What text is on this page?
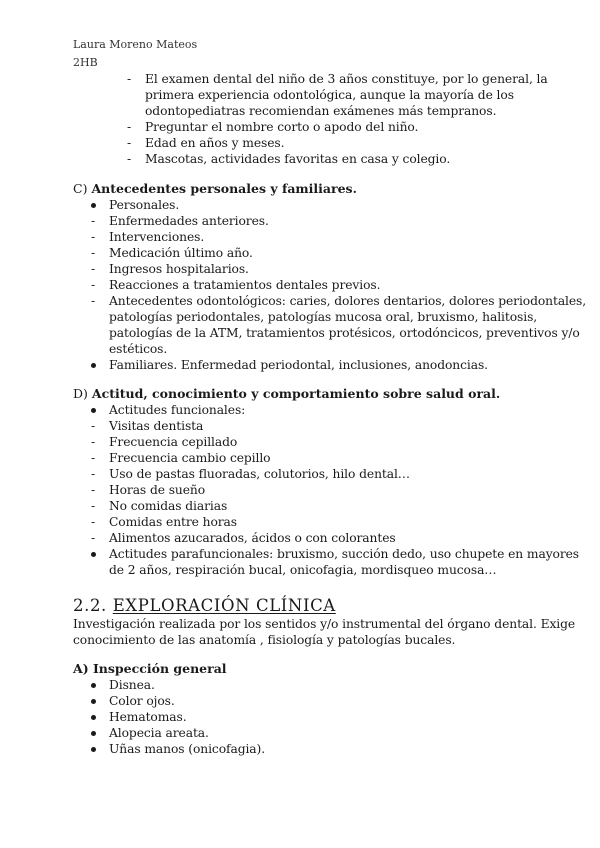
Laura Moreno Mateos
2HB
- El examen dental del niño de 3 años constituye, por lo general, la
primera experiencia odontológica, aunque la mayoría de los
odontopediatras recomiendan exámenes más tempranos.
- Preguntar el nombre corto o apodo del niño.
- Edad en años y meses.
- Mascotas, actividades favoritas en casa y colegio.
C) Antecedentes personales y familiares.
Personales.
- Enfermedades anteriores.
- Intervenciones.
- Medicación último año.
- Ingresos hospitalarios.
- Reacciones a tratamientos dentales previos.
- Antecedentes odontológicos: caries, dolores dentarios, dolores periodontales,
patologías periodontales, patologías mucosa oral, bruxismo, halitosis,
patologías de la ATM, tratamientos protésicos, ortodóncicos, preventivos y/o
estéticos.
Familiares. Enfermedad periodontal, inclusiones, anodoncias.
D) Actitud, conocimiento y comportamiento sobre salud oral.
Actitudes funcionales:
- Visitas dentista
- Frecuencia cepillado
- Frecuencia cambio cepillo
- Uso de pastas fluoradas, colutorios, hilo dental…
- Horas de sueño
- No comidas diarias
- Comidas entre horas
- Alimentos azucarados, ácidos o con colorantes
Actitudes parafuncionales: bruxismo, succión dedo, uso chupete en mayores
de 2 años, respiración bucal, onicofagia, mordisqueo mucosa…
2.2. EXPLORACIÓN CLÍNICA
Investigación realizada por los sentidos y/o instrumental del órgano dental. Exige
conocimiento de las anatomía , fisiología y patologías bucales.
A) Inspección general
Disnea.
Color ojos.
Hematomas.
Alopecia areata.
Uñas manos (onicofagia).
